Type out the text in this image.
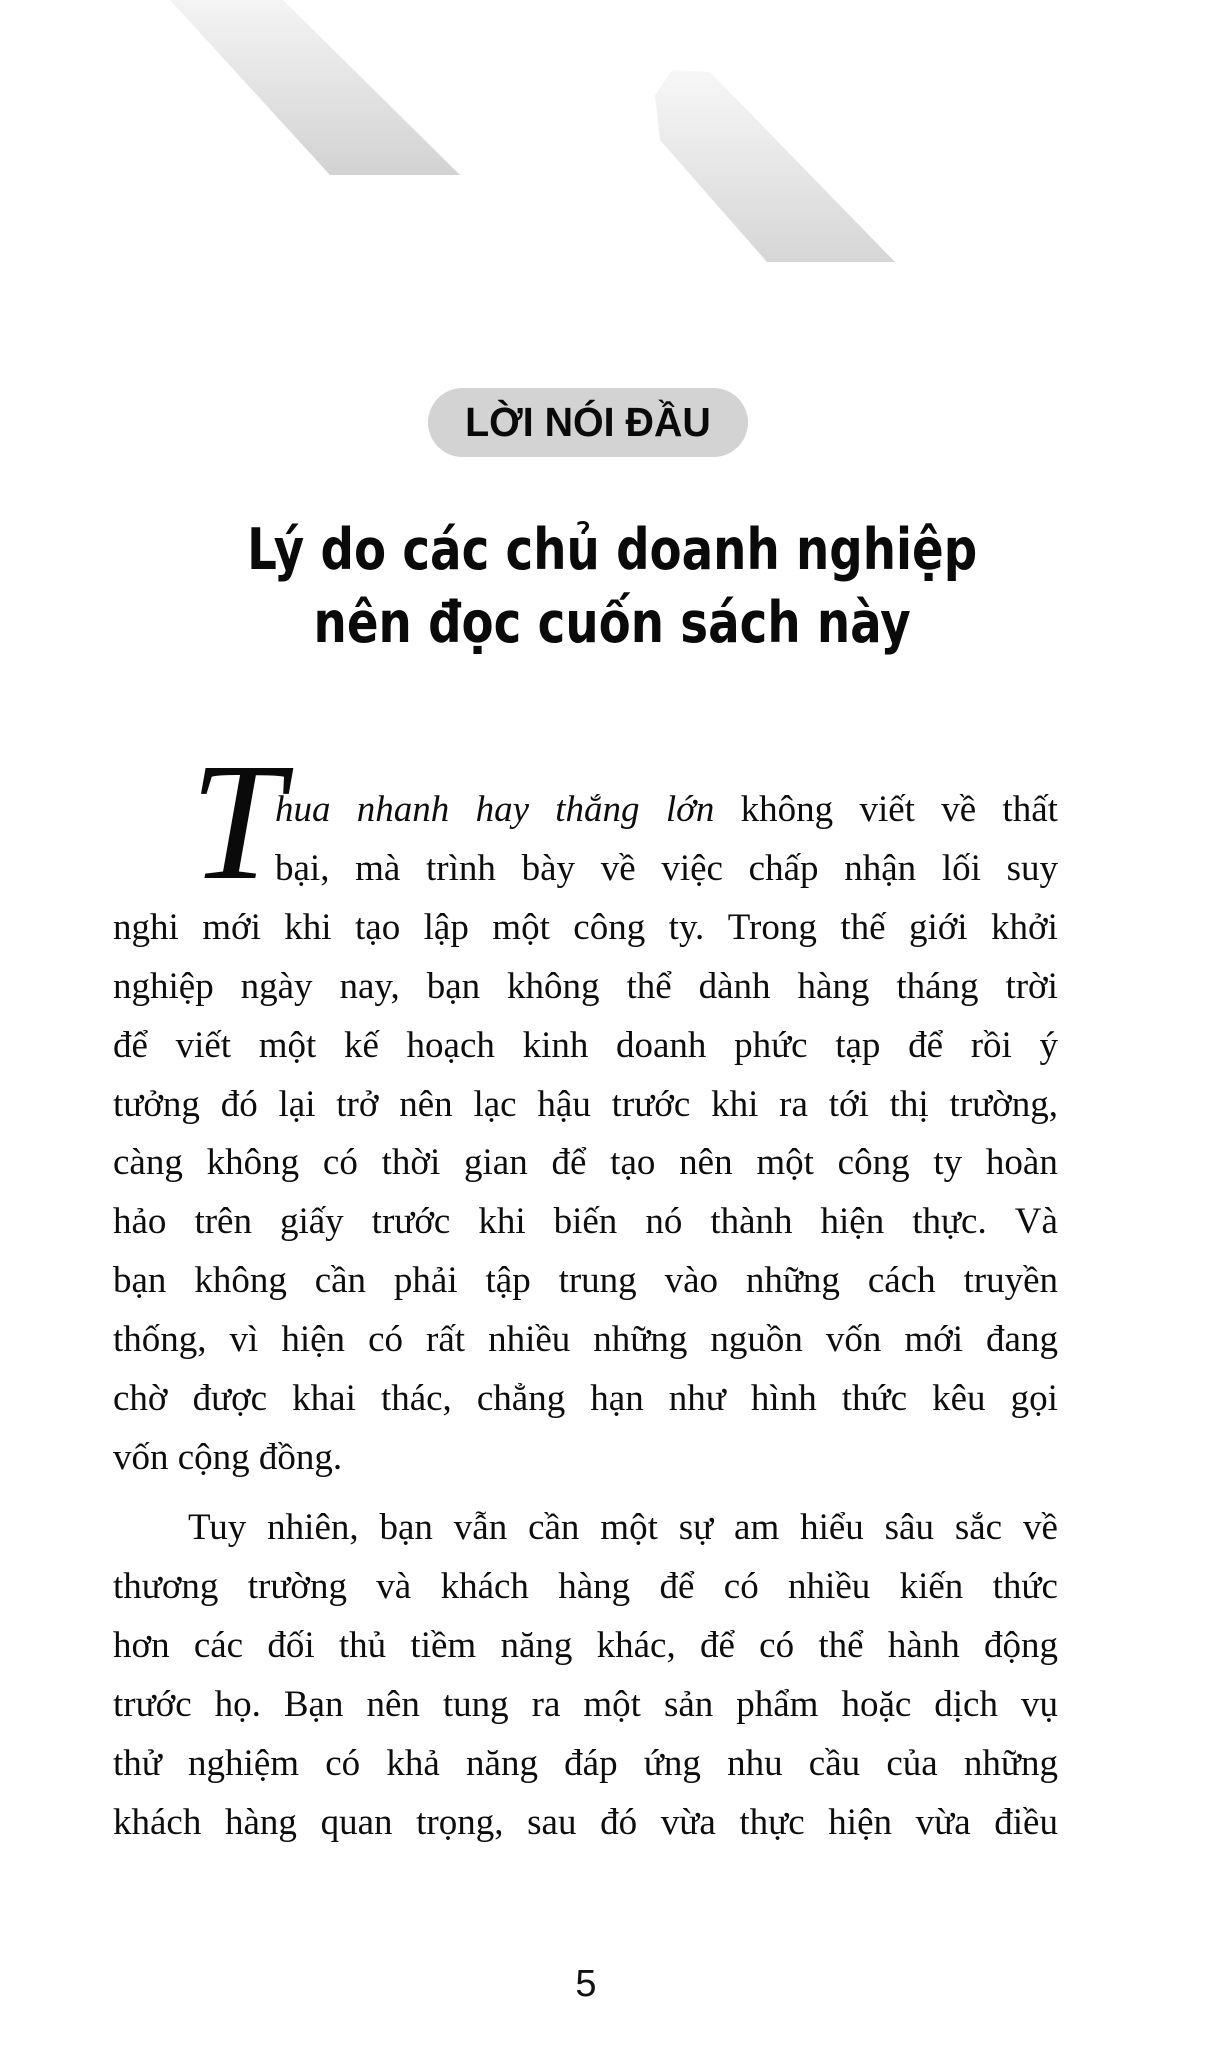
LỜI NÓI ĐẦU
Lý do các chủ doanh nghiệp
nên đọc cuốn sách này
T
hua nhanh hay thắng lớn không viết về thất
bại, mà trình bày về việc chấp nhận lối suy
nghi mới khi tạo lập một công ty. Trong thế giới khởi
nghiệp ngày nay, bạn không thể dành hàng tháng trời
để viết một kế hoạch kinh doanh phức tạp để rồi ý
tưởng đó lại trở nên lạc hậu trước khi ra tới thị trường,
càng không có thời gian để tạo nên một công ty hoàn
hảo trên giấy trước khi biến nó thành hiện thực. Và
bạn không cần phải tập trung vào những cách truyền
thống, vì hiện có rất nhiều những nguồn vốn mới đang
chờ được khai thác, chẳng hạn như hình thức kêu gọi
vốn cộng đồng.
Tuy nhiên, bạn vẫn cần một sự am hiểu sâu sắc về
thương trường và khách hàng để có nhiều kiến thức
hơn các đối thủ tiềm năng khác, để có thể hành động
trước họ. Bạn nên tung ra một sản phẩm hoặc dịch vụ
thử nghiệm có khả năng đáp ứng nhu cầu của những
khách hàng quan trọng, sau đó vừa thực hiện vừa điều
5
